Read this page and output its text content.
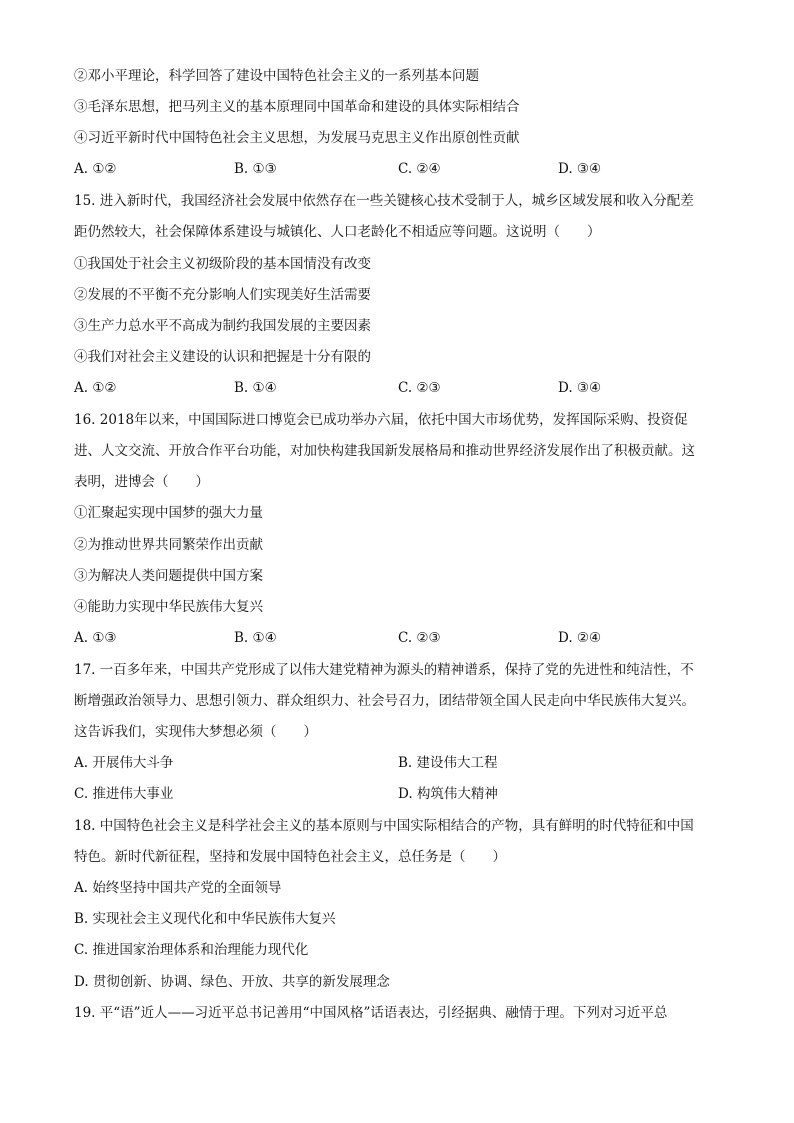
②邓小平理论，科学回答了建设中国特色社会主义的一系列基本问题
③毛泽东思想，把马列主义的基本原理同中国革命和建设的具体实际相结合
④习近平新时代中国特色社会主义思想，为发展马克思主义作出原创性贡献
A. ①②	B. ①③	C. ②④	D. ③④
15. 进入新时代，我国经济社会发展中依然存在一些关键核心技术受制于人，城乡区域发展和收入分配差
距仍然较大，社会保障体系建设与城镇化、人口老龄化不相适应等问题。这说明（　　）
①我国处于社会主义初级阶段的基本国情没有改变
②发展的不平衡不充分影响人们实现美好生活需要
③生产力总水平不高成为制约我国发展的主要因素
④我们对社会主义建设的认识和把握是十分有限的
A. ①②	B. ①④	C. ②③	D. ③④
16. 2018年以来，中国国际进口博览会已成功举办六届，依托中国大市场优势，发挥国际采购、投资促
进、人文交流、开放合作平台功能，对加快构建我国新发展格局和推动世界经济发展作出了积极贡献。这
表明，进博会（　　）
①汇聚起实现中国梦的强大力量
②为推动世界共同繁荣作出贡献
③为解决人类问题提供中国方案
④能助力实现中华民族伟大复兴
A. ①③	B. ①④	C. ②③	D. ②④
17. 一百多年来，中国共产党形成了以伟大建党精神为源头的精神谱系，保持了党的先进性和纯洁性，不
断增强政治领导力、思想引领力、群众组织力、社会号召力，团结带领全国人民走向中华民族伟大复兴。
这告诉我们，实现伟大梦想必须（　　）
A. 开展伟大斗争	B. 建设伟大工程
C. 推进伟大事业	D. 构筑伟大精神
18. 中国特色社会主义是科学社会主义的基本原则与中国实际相结合的产物，具有鲜明的时代特征和中国
特色。新时代新征程，坚持和发展中国特色社会主义，总任务是（　　）
A. 始终坚持中国共产党的全面领导
B. 实现社会主义现代化和中华民族伟大复兴
C. 推进国家治理体系和治理能力现代化
D. 贯彻创新、协调、绿色、开放、共享的新发展理念
19. 平“语”近人——习近平总书记善用“中国风格”话语表达，引经据典、融情于理。下列对习近平总
